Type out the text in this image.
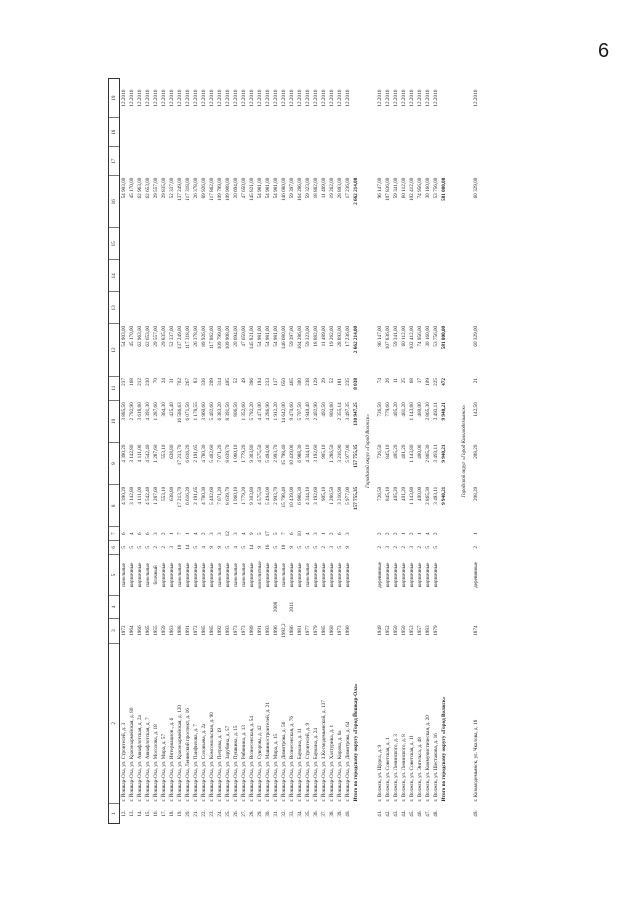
6
1	2	3	4	5	6	7	8	9	10	11	12	13	14	15	16	17	18	19
12.	г. Йошкар-Ола, ул. Строителей, д. 3	1972		панельные	5	6	4 390,20	4 390,20	3 885,50	237	54 903,00				54 903,00			12.2016
13.	г. Йошкар-Ола, ул. Красноармейская, д. 80	1964		кирпичные	5	4	3 142,80	3 142,80	2 792,90	168	45 170,00				45 170,00			12.2016
14.	г. Йошкар-Ола, ул. Авиафлотская, д. 2а	1966		кирпичные	5	6	4 111,00	4 111,00	3 618,80	212	62 963,00				62 963,00			12.2016
15.	г. Йошкар-Ола, ул. Авиафлотская, д. 7	1965		панельные	5	6	4 542,40	4 542,40	4 391,30	230	62 653,00				62 653,00			12.2016
16.	г. Йошкар-Ола, ул. Мосолова, д. 18	1955		блочный	2	3	1 287,60	1 287,60	1 287,60	70	29 557,00				29 557,00			12.2016
17.	г. Йошкар-Ола, ул. Мира, д. 57	1959		кирпичные	2	2	553,10	553,10	364,30	24	29 835,00				29 835,00			12.2016
18.	г. Йошкар-Ола, ул. Интернацион., д. 6	1963		кирпичные	3	1	638,80	638,80	425,40	31	52 337,00				52 337,00			12.2016
19.	г. Йошкар-Ола, ул. Красноармейская, д. 120	1988		панельные	10	7	17 213,70	17 213,70	16 586,63	702	137 249,00				137 249,00			12.2016
20.	г. Йошкар-Ола, Ленинский проспект, д. 16	1991		кирпичные	14	1	6 616,20	6 616,20	6 071,50	267	117 318,00				117 318,00			12.2016
21.	г. Йошкар-Ола, ул. Панфилова, д. 7	1972		кирпичные	5	4	2 191,65	2 191,65	1 178,55	83	26 378,00				26 378,00			12.2016
22.	г. Йошкар-Ола, ул. Соловьева, д. 2а	1985		кирпичные	4	2	4 780,30	4 780,30	3 960,60	336	89 926,00				89 926,00			12.2016
23.	г. Йошкар-Ола, ул. Комсомольская, д. 90	1985		кирпичные	9	3	5 402,60	5 402,60	5 402,60	209	117 862,00				117 862,00			12.2016
24.	г. Йошкар-Ола, ул. Петрова, д. 19	1992		панельные	9	3	7 071,20	7 071,20	6 383,20	314	109 799,00				109 799,00			12.2016
25.	г. Йошкар-Ола, ул. Зарубина, д. 57	1993		кирпичные	5	12	8 639,70	8 639,70	8 391,50	405	109 908,00				109 908,00			12.2016
26.	г. Йошкар-Ола, ул. Пушкина, д. 15	1973		панельные	4	3	1 060,10	1 060,10	806,50	52	20 694,00				20 694,00			12.2016
27.	г. Йошкар-Ола, ул. Рябинина, д. 13	1973		панельные	5	4	1 779,20	1 779,20	1 352,60	49	47 650,00				47 650,00			12.2016
28.	г. Йошкар-Ола, ул. Вознесенская, д. 54	1989		кирпичные	14	9	9 303,80	9 303,80	5 792,20	396	145 821,00				145 821,00			12.2016
29.	г. Йошкар-Ола, ул. Суворова, д. 42	1991		монолитные	9	5	4 575,50	4 575,50	4 473,00	194	54 981,00				54 981,00			12.2016
30.	г. Йошкар-Ола, ул. Машиностроителей, д. 21	1993		кирпичные	16	17	5 494,00	5 494,00	4 286,90	233	54 981,00				54 981,00			12.2016
31.	г. Йошкар-Ола, ул. Мира, д. 15	1996	2008	кирпичные	5	5	2 993,70	2 993,70	1 912,20	117	54 981,00				54 981,00			12.2016
32.	г. Йошкар-Ола, ул. Димитрова, д. 56	1992,2		панельные	10	7	15 798,40	15 798,40	14 642,00	650	146 680,00				146 680,00			12.2016
33.	г. Йошкар-Ола, ул. Вознесенская, д. 76	1986	2011	кирпичные	9	6	10 439,00	10 439,00	9 470,60	465	59 397,00				59 397,00			12.2016
34.	г. Йошкар-Ола, ул. Баумана, д. 11	1981		кирпичные	5	10	6 988,30	6 988,30	5 707,50	300	164 286,00				164 286,00			12.2016
35.	г. Йошкар-Ола, ул. Строителей, д. 9	1977		панельные	5	4	4 344,10	4 344,10	3 940,40	238	59 323,00				59 323,00			12.2016
36.	г. Йошкар-Ола, ул. Баумана, д. 24	1979		кирпичные	5	3	3 192,60	3 192,60	2 402,90	129	18 882,00				18 882,00			12.2016
37.	г. Йошкар-Ола, ул. З.Космодемьянской, д. 137	1985		кирпичные	2	1	905,10	905,10	492,50	29	11 489,00				11 489,00			12.2016
38.	г. Йошкар-Ола, ул. Халтурина, д. 1	1960		кирпичные	3	2	1 286,50	1 286,50	804,80	52	19 262,00				19 262,00			12.2016
39.	г. Йошкар-Ола, ул. Кирова, д. 6а	1973		кирпичные	5	6	3 216,90	3 216,90	2 355,14	181	28 893,00				28 893,00			12.2016
40.	г. Йошкар-Ола, ул. Димитрова, д. 64	1990		кирпичные	9	3	5 977,00	5 977,00	3 497,35	235	17 236,00				17 236,00			12.2016
	Итого по городскому округу «Город Йошкар-Ола»						157 755,35	157 755,35	130 947,25	8 038	2 662 214,00				2 662 214,00			
Городской округ «Город Волжск»																		
41.	г. Волжск, ул. Щорса, д. 9	1949		деревянные	2	2	726,50	726,50	726,50	74	96 147,00				96 147,00			12.2016
42.	г. Волжск, ул. Советская, д. 1	1952		кирпичные	3	2	845,10	845,10	779,60	26	107 836,00				107 836,00			12.2016
43.	г. Волжск, ул. Ленинского, д. 3	1950		кирпичные	2	2	405,20	405,20	405,20	11	59 341,00				59 341,00			12.2016
44.	г. Волжск, ул. Ленинского, д. 8	1950		кирпичные	2	1	401,20	401,20	401,20	25	60 112,00				60 112,00			12.2016
45.	г. Волжск, ул. Советская, д. 11	1953		кирпичные	3	2	1 143,80	1 143,80	1 143,80	68	102 412,00				102 412,00			12.2016
46.	г. Волжск, ул. Энгельса, д. 48	1957		кирпичные	2	1	400,00	400,00	400,00	17	74 956,00				74 956,00			12.2016
47.	г. Волжск, ул. Коммунистическая, д. 20	1983		кирпичные	5	4	2 865,30	2 865,30	2 865,30	109	30 160,00				30 160,00			12.2016
48.	г. Волжск, ул. Шестакова, д. 16	1979		кирпичные	5	2	3 493,11	3 493,11	3 493,11	225	53 756,00				53 756,00			12.2016
	Итого по городскому округу «Город Волжск»						9 940,21	9 940,21	9 940,21	472	581 000,00				581 000,00			

Городской округ «Город Козьмодемьянск»																		
49.	г. Козьмодемьянск, ул. Чкалова, д. 18	1874		деревянные	2	1	208,20	208,20	142,50	21	60 329,00				60 329,00			12.2016
